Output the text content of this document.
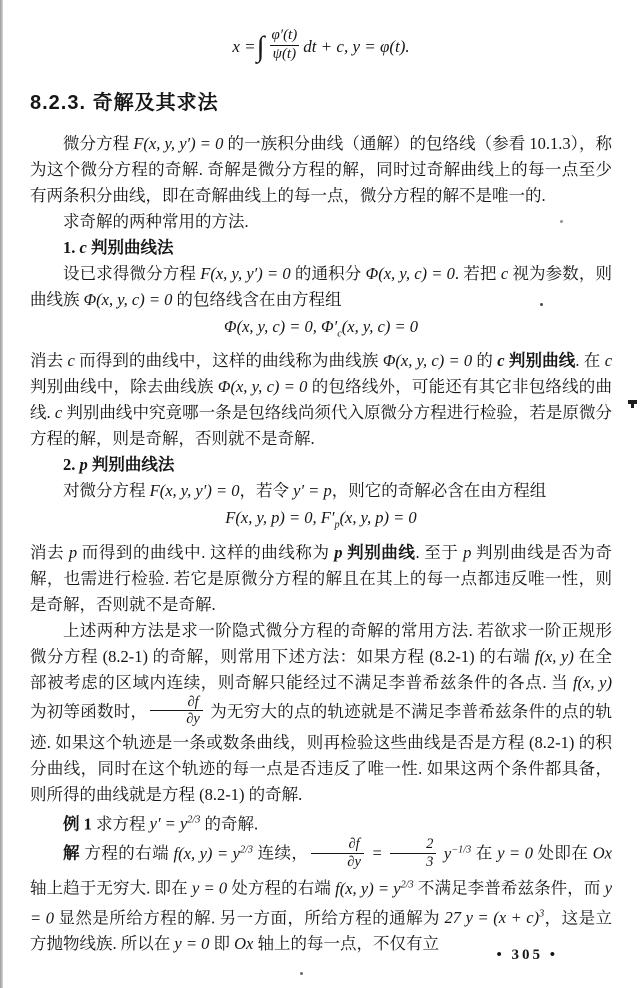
x = ∫ $\frac{\varphi'(t)}{\psi(t)}$ dt + c, y = φ(t).
8.2.3. 奇解及其求法

微分方程 F(x, y, y′) = 0 的一族积分曲线（通解）的包络线（参看 10.1.3），称为这个微分方程的奇解. 奇解是微分方程的解，同时过奇解曲线上的每一点至少有两条积分曲线，即在奇解曲线上的每一点，微分方程的解不是唯一的.

求奇解的两种常用的方法.

1. c 判别曲线法

设已求得微分方程 F(x, y, y′) = 0 的通积分 Φ(x, y, c) = 0. 若把 c 视为参数，则曲线族 Φ(x, y, c) = 0 的包络线含在由方程组

Φ(x, y, c) = 0, $\Phi'_c(x$, y, c) = 0

消去 c 而得到的曲线中，这样的曲线称为曲线族 Φ(x, y, c) = 0 的 c 判别曲线. 在 c 判别曲线中，除去曲线族 Φ(x, y, c) = 0 的包络线外，可能还有其它非包络线的曲线. c 判别曲线中究竟哪一条是包络线尚须代入原微分方程进行检验，若是原微分方程的解，则是奇解，否则就不是奇解.

2. p 判别曲线法

对微分方程 F(x, y, y′) = 0，若令 y′ = p，则它的奇解必含在由方程组

F(x, y, p) = 0, $F'_p(x$, y, p) = 0

消去 p 而得到的曲线中. 这样的曲线称为 p 判别曲线. 至于 p 判别曲线是否为奇解，也需进行检验. 若它是原微分方程的解且在其上的每一点都违反唯一性，则是奇解，否则就不是奇解.

上述两种方法是求一阶隐式微分方程的奇解的常用方法. 若欲求一阶正规形微分方程 (8.2-1) 的奇解，则常用下述方法：如果方程 (8.2-1) 的右端 f(x, y) 在全部被考虑的区域内连续，则奇解只能经过不满足李普希兹条件的各点. 当 f(x, y) 为初等函数时， $\frac{\partial f}{\partial y}$ 为无穷大的点的轨迹就是不满足李普希兹条件的点的轨迹. 如果这个轨迹是一条或数条曲线，则再检验这些曲线是否是方程 (8.2-1) 的积分曲线，同时在这个轨迹的每一点是否违反了唯一性. 如果这两个条件都具备，则所得的曲线就是方程 (8.2-1) 的奇解.

例 1 求方程 $y' = y^{2/3}$ 的奇解.

解 方程的右端 f(x, $y) = y^{2/3}$ 连续， $\frac{\partial f}{\partial y} = \frac{2}{3} y^{-1/3}$ 在 y = 0 处即在 Ox 轴上趋于无穷大. 即在 y = 0 处方程的右端 f(x, $y) = y^{2/3}$ 不满足李普希兹条件，而 y = 0 显然是所给方程的解. 另一方面，所给方程的通解为 27 $y = (x + c)^3$，这是立方抛物线族. 所以在 y = 0 即 Ox 轴上的每一点，不仅有立

• 305 •
